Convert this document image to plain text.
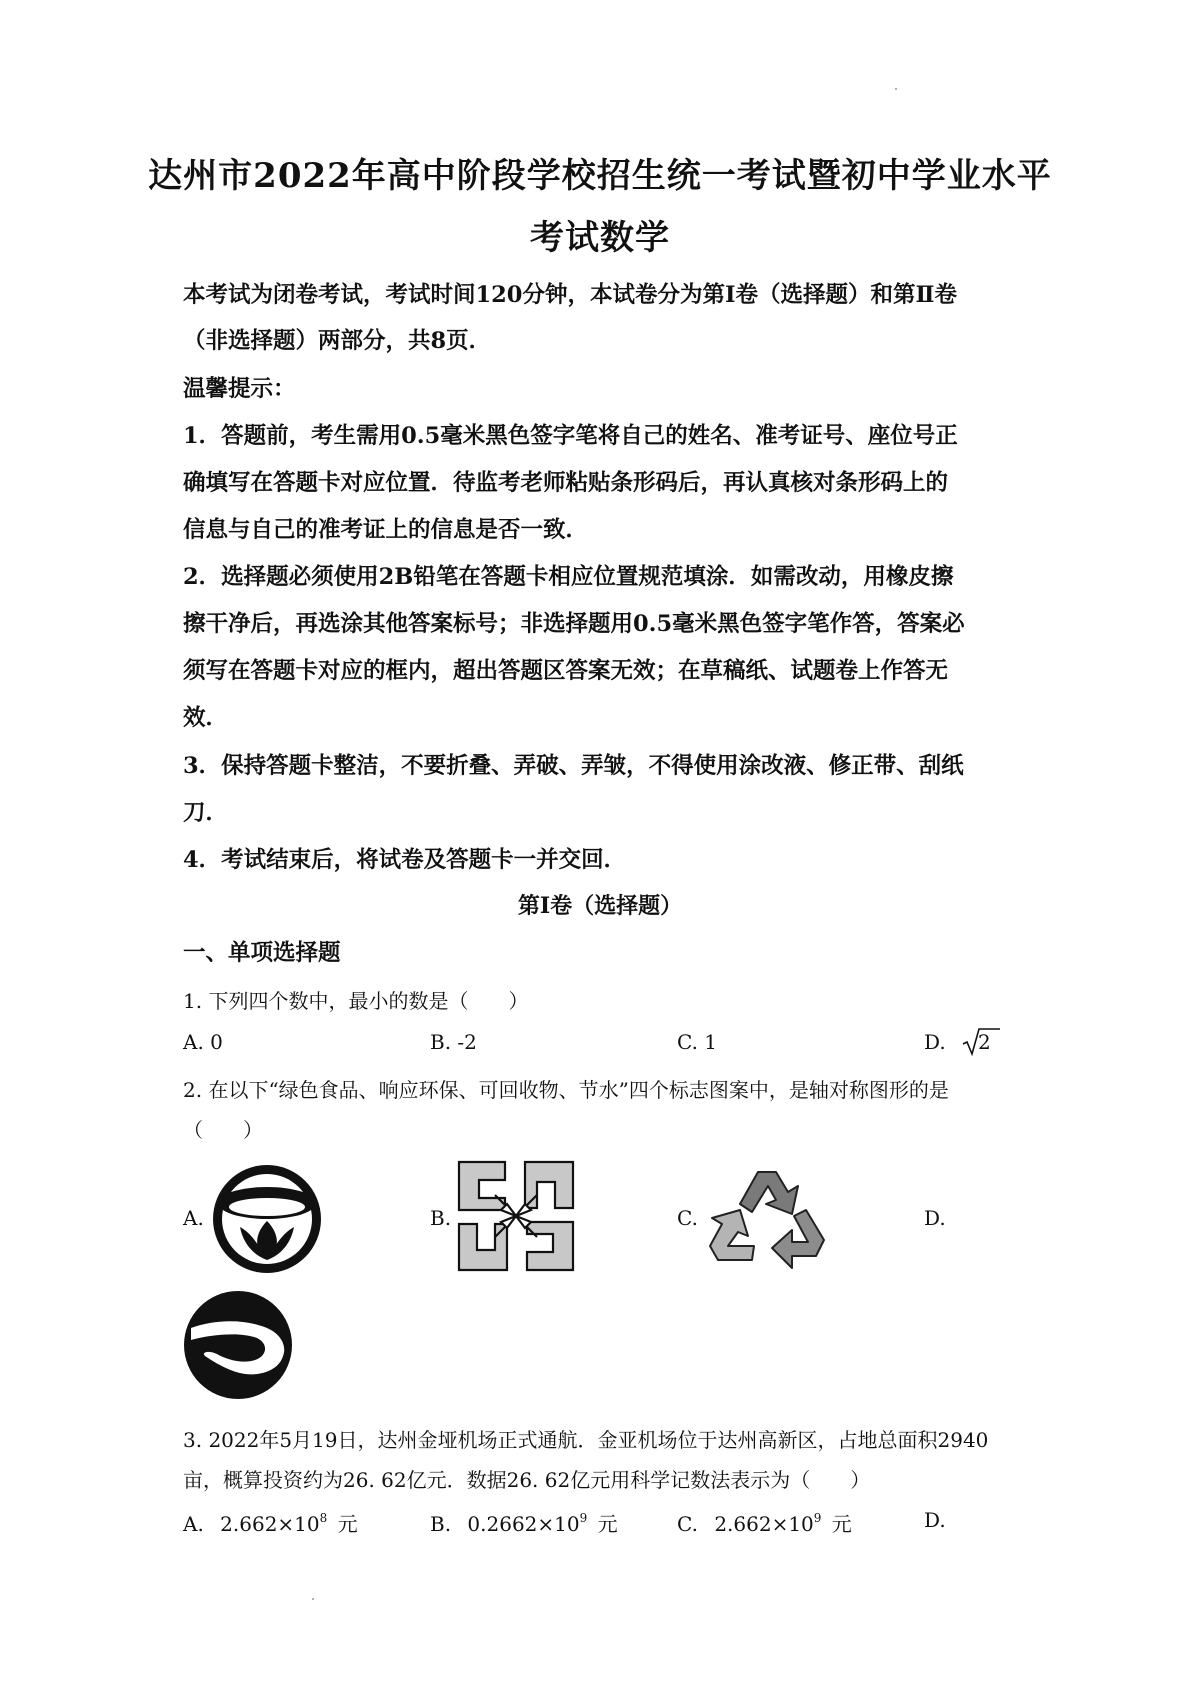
达州市2022年高中阶段学校招生统一考试暨初中学业水平
考试数学
本考试为闭卷考试，考试时间120分钟，本试卷分为第Ⅰ卷（选择题）和第Ⅱ卷
（非选择题）两部分，共8页．
温馨提示：
1．答题前，考生需用0.5毫米黑色签字笔将自己的姓名、准考证号、座位号正
确填写在答题卡对应位置．待监考老师粘贴条形码后，再认真核对条形码上的
信息与自己的准考证上的信息是否一致．
2．选择题必须使用2B铅笔在答题卡相应位置规范填涂．如需改动，用橡皮擦
擦干净后，再选涂其他答案标号；非选择题用0.5毫米黑色签字笔作答，答案必
须写在答题卡对应的框内，超出答题区答案无效；在草稿纸、试题卷上作答无
效．
3．保持答题卡整洁，不要折叠、弄破、弄皱，不得使用涂改液、修正带、刮纸
刀．
4．考试结束后，将试卷及答题卡一并交回．
第Ⅰ卷（选择题）
一、单项选择题
1. 下列四个数中，最小的数是（　　）
A. 0	B. -2	C. 1	D. 2
2. 在以下“绿色食品、响应环保、可回收物、节水”四个标志图案中，是轴对称图形的是
（　　）
A.	B.	C.	D.
3. 2022年5月19日，达州金垭机场正式通航．金亚机场位于达州高新区，占地总面积2940
亩，概算投资约为26. 62亿元．数据26. 62亿元用科学记数法表示为（　　）
A. $2.662\times 10^8$ 元	B. $0.2662\times 10^9$ 元	C. $2.662\times 10^9$ 元	D.
